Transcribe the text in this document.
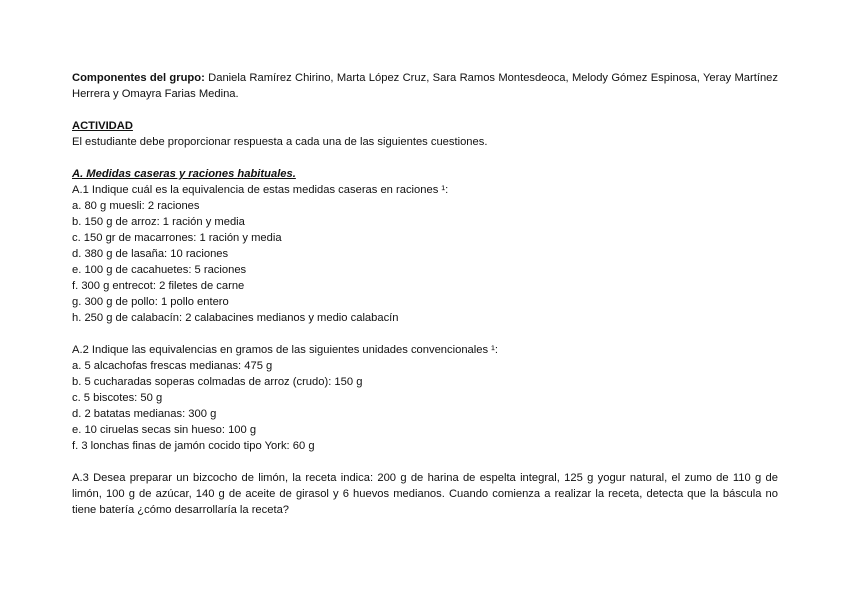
Componentes del grupo: Daniela Ramírez Chirino, Marta López Cruz, Sara Ramos Montesdeoca, Melody Gómez Espinosa, Yeray Martínez Herrera y Omayra Farias Medina.

ACTIVIDAD

El estudiante debe proporcionar respuesta a cada una de las siguientes cuestiones.

A. Medidas caseras y raciones habituales.

A.1 Indique cuál es la equivalencia de estas medidas caseras en raciones ¹:

a. 80 g muesli: 2 raciones

b. 150 g de arroz: 1 ración y media

c. 150 gr de macarrones: 1 ración y media

d. 380 g de lasaña: 10 raciones

e. 100 g de cacahuetes: 5 raciones

f. 300 g entrecot: 2 filetes de carne

g. 300 g de pollo: 1 pollo entero

h. 250 g de calabacín: 2 calabacines medianos y medio calabacín

A.2 Indique las equivalencias en gramos de las siguientes unidades convencionales ¹:

a. 5 alcachofas frescas medianas: 475 g

b. 5 cucharadas soperas colmadas de arroz (crudo): 150 g

c. 5 biscotes: 50 g

d. 2 batatas medianas: 300 g

e. 10 ciruelas secas sin hueso: 100 g

f. 3 lonchas finas de jamón cocido tipo York: 60 g

A.3 Desea preparar un bizcocho de limón, la receta indica: 200 g de harina de espelta integral, 125 g yogur natural, el zumo de 110 g de limón, 100 g de azúcar, 140 g de aceite de girasol y 6 huevos medianos. Cuando comienza a realizar la receta, detecta que la báscula no tiene batería ¿cómo desarrollaría la receta?
